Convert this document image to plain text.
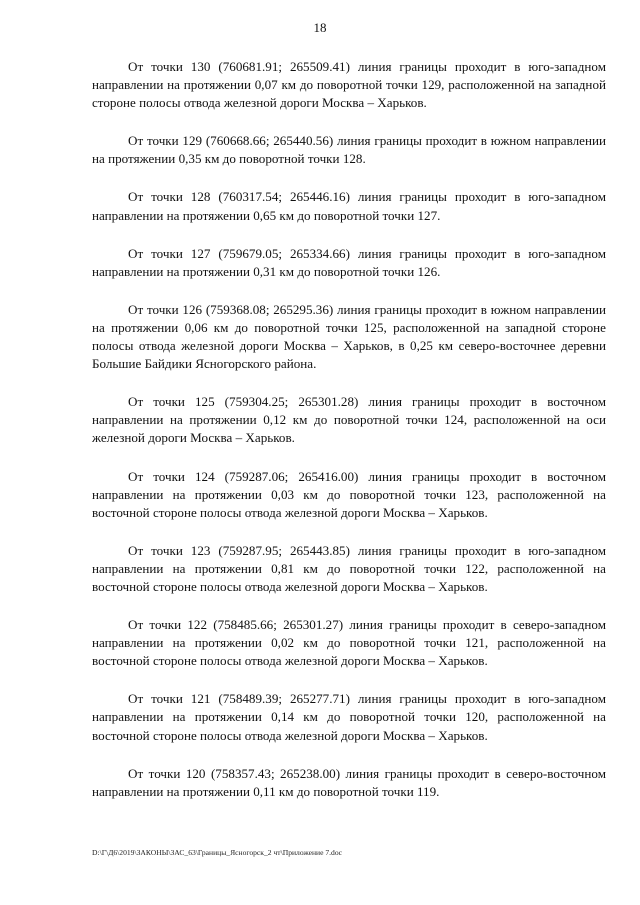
18

От точки 130 (760681.91; 265509.41) линия границы проходит в юго-западном направлении на протяжении 0,07 км до поворотной точки 129, расположенной на западной стороне полосы отвода железной дороги Москва – Харьков.

От точки 129 (760668.66; 265440.56) линия границы проходит в южном направлении на протяжении 0,35 км до поворотной точки 128.

От точки 128 (760317.54; 265446.16) линия границы проходит в юго-западном направлении на протяжении 0,65 км до поворотной точки 127.

От точки 127 (759679.05; 265334.66) линия границы проходит в юго-западном направлении на протяжении 0,31 км до поворотной точки 126.

От точки 126 (759368.08; 265295.36) линия границы проходит в южном направлении на протяжении 0,06 км до поворотной точки 125, расположенной на западной стороне полосы отвода железной дороги Москва – Харьков, в 0,25 км северо-восточнее деревни Большие Байдики Ясногорского района.

От точки 125 (759304.25; 265301.28) линия границы проходит в восточном направлении на протяжении 0,12 км до поворотной точки 124, расположенной на оси железной дороги Москва – Харьков.

От точки 124 (759287.06; 265416.00) линия границы проходит в восточном направлении на протяжении 0,03 км до поворотной точки 123, расположенной на восточной стороне полосы отвода железной дороги Москва – Харьков.

От точки 123 (759287.95; 265443.85) линия границы проходит в юго-западном направлении на протяжении 0,81 км до поворотной точки 122, расположенной на восточной стороне полосы отвода железной дороги Москва – Харьков.

От точки 122 (758485.66; 265301.27) линия границы проходит в северо-западном направлении на протяжении 0,02 км до поворотной точки 121, расположенной на восточной стороне полосы отвода железной дороги Москва – Харьков.

От точки 121 (758489.39; 265277.71) линия границы проходит в юго-западном направлении на протяжении 0,14 км до поворотной точки 120, расположенной на восточной стороне полосы отвода железной дороги Москва – Харьков.

От точки 120 (758357.43; 265238.00) линия границы проходит в северо-восточном направлении на протяжении 0,11 км до поворотной точки 119.

D:\Г\Д6\2019\ЗАКОНЫ\ЗАС_63\Границы_Ясногорск_2 чт\Приложение 7.doc
